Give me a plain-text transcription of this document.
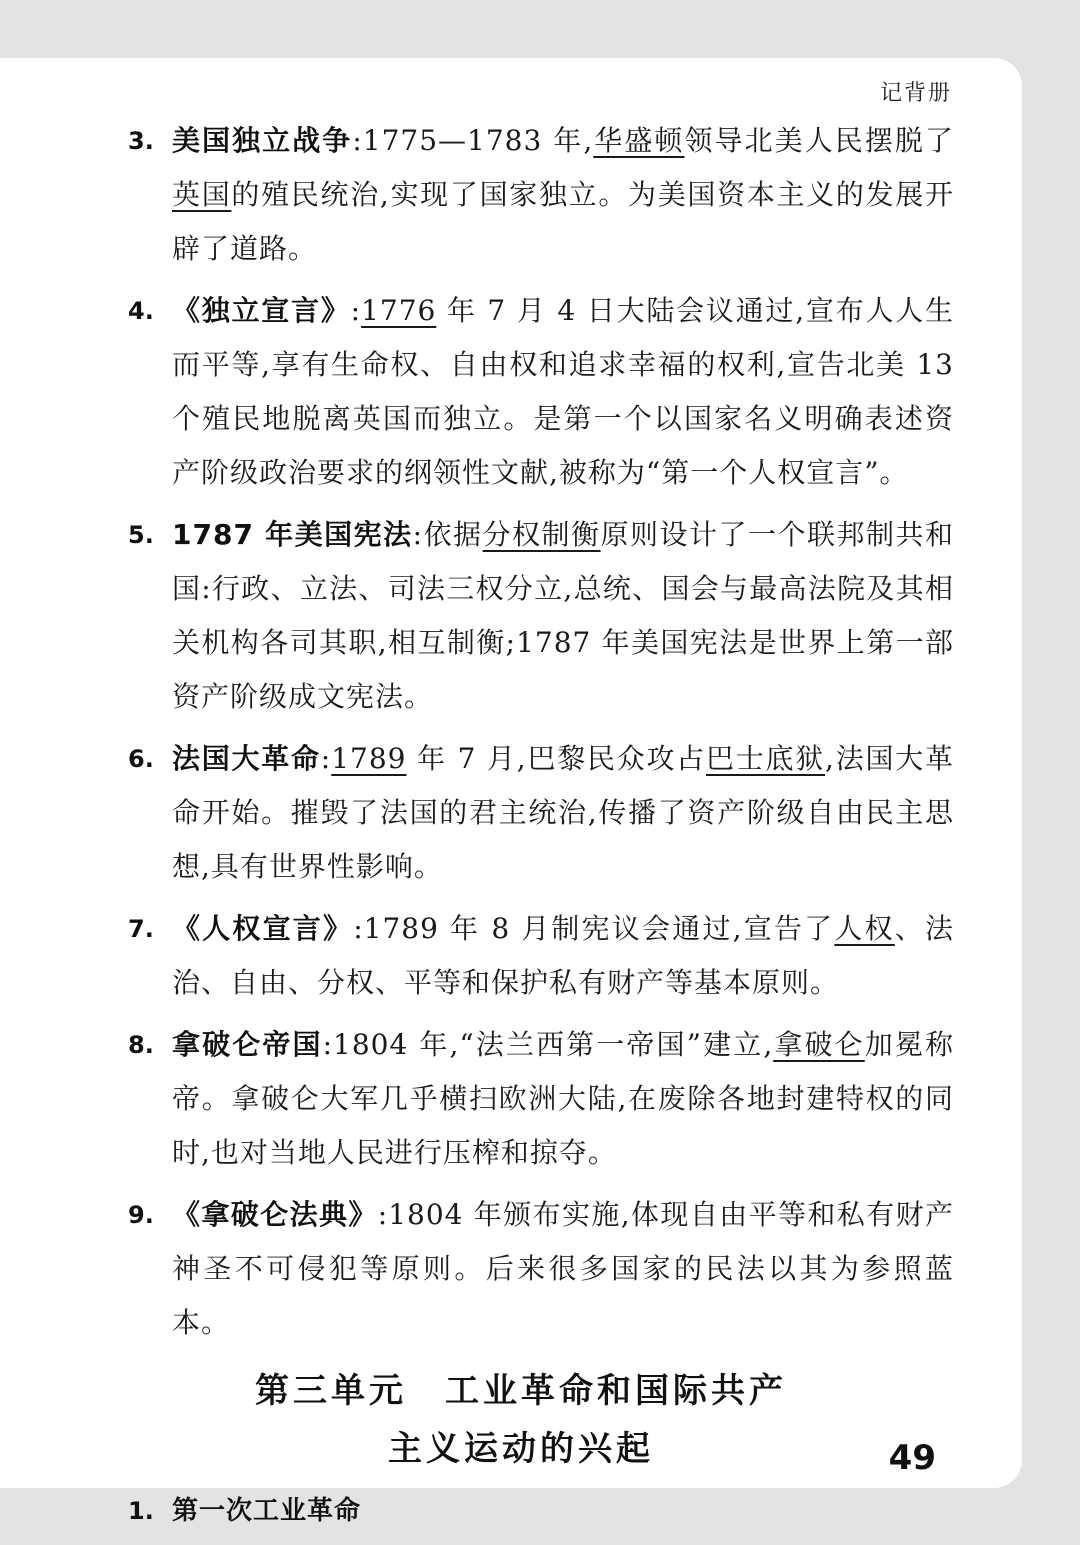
记背册
3. 美国独立战争:1775—1783 年,华盛顿领导北美人民摆脱了英国的殖民统治,实现了国家独立。为美国资本主义的发展开辟了道路。
4. 《独立宣言》:1776 年 7 月 4 日大陆会议通过,宣布人人生而平等,享有生命权、自由权和追求幸福的权利,宣告北美 13 个殖民地脱离英国而独立。是第一个以国家名义明确表述资产阶级政治要求的纲领性文献,被称为“第一个人权宣言”。
5. 1787 年美国宪法:依据分权制衡原则设计了一个联邦制共和国:行政、立法、司法三权分立,总统、国会与最高法院及其相关机构各司其职,相互制衡;1787 年美国宪法是世界上第一部资产阶级成文宪法。
6. 法国大革命:1789 年 7 月,巴黎民众攻占巴士底狱,法国大革命开始。摧毁了法国的君主统治,传播了资产阶级自由民主思想,具有世界性影响。
7. 《人权宣言》:1789 年 8 月制宪议会通过,宣告了人权、法治、自由、分权、平等和保护私有财产等基本原则。
8. 拿破仑帝国:1804 年,“法兰西第一帝国”建立,拿破仑加冕称帝。拿破仑大军几乎横扫欧洲大陆,在废除各地封建特权的同时,也对当地人民进行压榨和掠夺。
9. 《拿破仑法典》:1804 年颁布实施,体现自由平等和私有财产神圣不可侵犯等原则。后来很多国家的民法以其为参照蓝本。
第三单元 工业革命和国际共产
主义运动的兴起
1. 第一次工业革命
49
